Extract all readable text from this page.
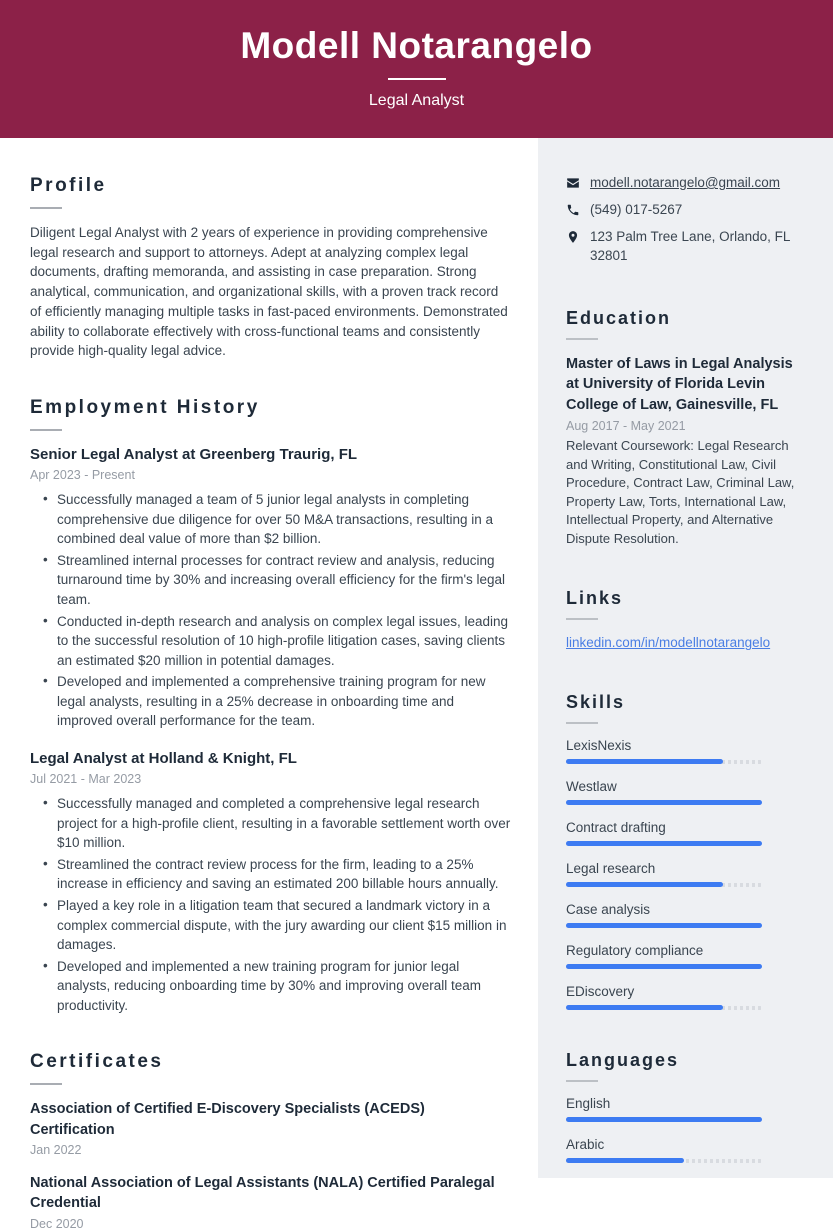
Modell Notarangelo
Legal Analyst
Profile

Diligent Legal Analyst with 2 years of experience in providing comprehensive legal research and support to attorneys. Adept at analyzing complex legal documents, drafting memoranda, and assisting in case preparation. Strong analytical, communication, and organizational skills, with a proven track record of efficiently managing multiple tasks in fast-paced environments. Demonstrated ability to collaborate effectively with cross-functional teams and consistently provide high-quality legal advice.

Employment History
Senior Legal Analyst at Greenberg Traurig, FL
Apr 2023 - Present
• Successfully managed a team of 5 junior legal analysts in completing comprehensive due diligence for over 50 M&A transactions, resulting in a combined deal value of more than $2 billion.
• Streamlined internal processes for contract review and analysis, reducing turnaround time by 30% and increasing overall efficiency for the firm's legal team.
• Conducted in-depth research and analysis on complex legal issues, leading to the successful resolution of 10 high-profile litigation cases, saving clients an estimated $20 million in potential damages.
• Developed and implemented a comprehensive training program for new legal analysts, resulting in a 25% decrease in onboarding time and improved overall performance for the team.
Legal Analyst at Holland & Knight, FL
Jul 2021 - Mar 2023
• Successfully managed and completed a comprehensive legal research project for a high-profile client, resulting in a favorable settlement worth over $10 million.
• Streamlined the contract review process for the firm, leading to a 25% increase in efficiency and saving an estimated 200 billable hours annually.
• Played a key role in a litigation team that secured a landmark victory in a complex commercial dispute, with the jury awarding our client $15 million in damages.
• Developed and implemented a new training program for junior legal analysts, reducing onboarding time by 30% and improving overall team productivity.
Certificates
Association of Certified E-Discovery Specialists (ACEDS) Certification
Jan 2022
National Association of Legal Assistants (NALA) Certified Paralegal Credential
Dec 2020
modell.notarangelo@gmail.com
(549) 017-5267
123 Palm Tree Lane, Orlando, FL 32801
Education
Master of Laws in Legal Analysis at University of Florida Levin College of Law, Gainesville, FL
Aug 2017 - May 2021
Relevant Coursework: Legal Research and Writing, Constitutional Law, Civil Procedure, Contract Law, Criminal Law, Property Law, Torts, International Law, Intellectual Property, and Alternative Dispute Resolution.
Links
linkedin.com/in/modellnotarangelo
Skills
LexisNexis
Westlaw
Contract drafting
Legal research
Case analysis
Regulatory compliance
EDiscovery
Languages
English
Arabic
